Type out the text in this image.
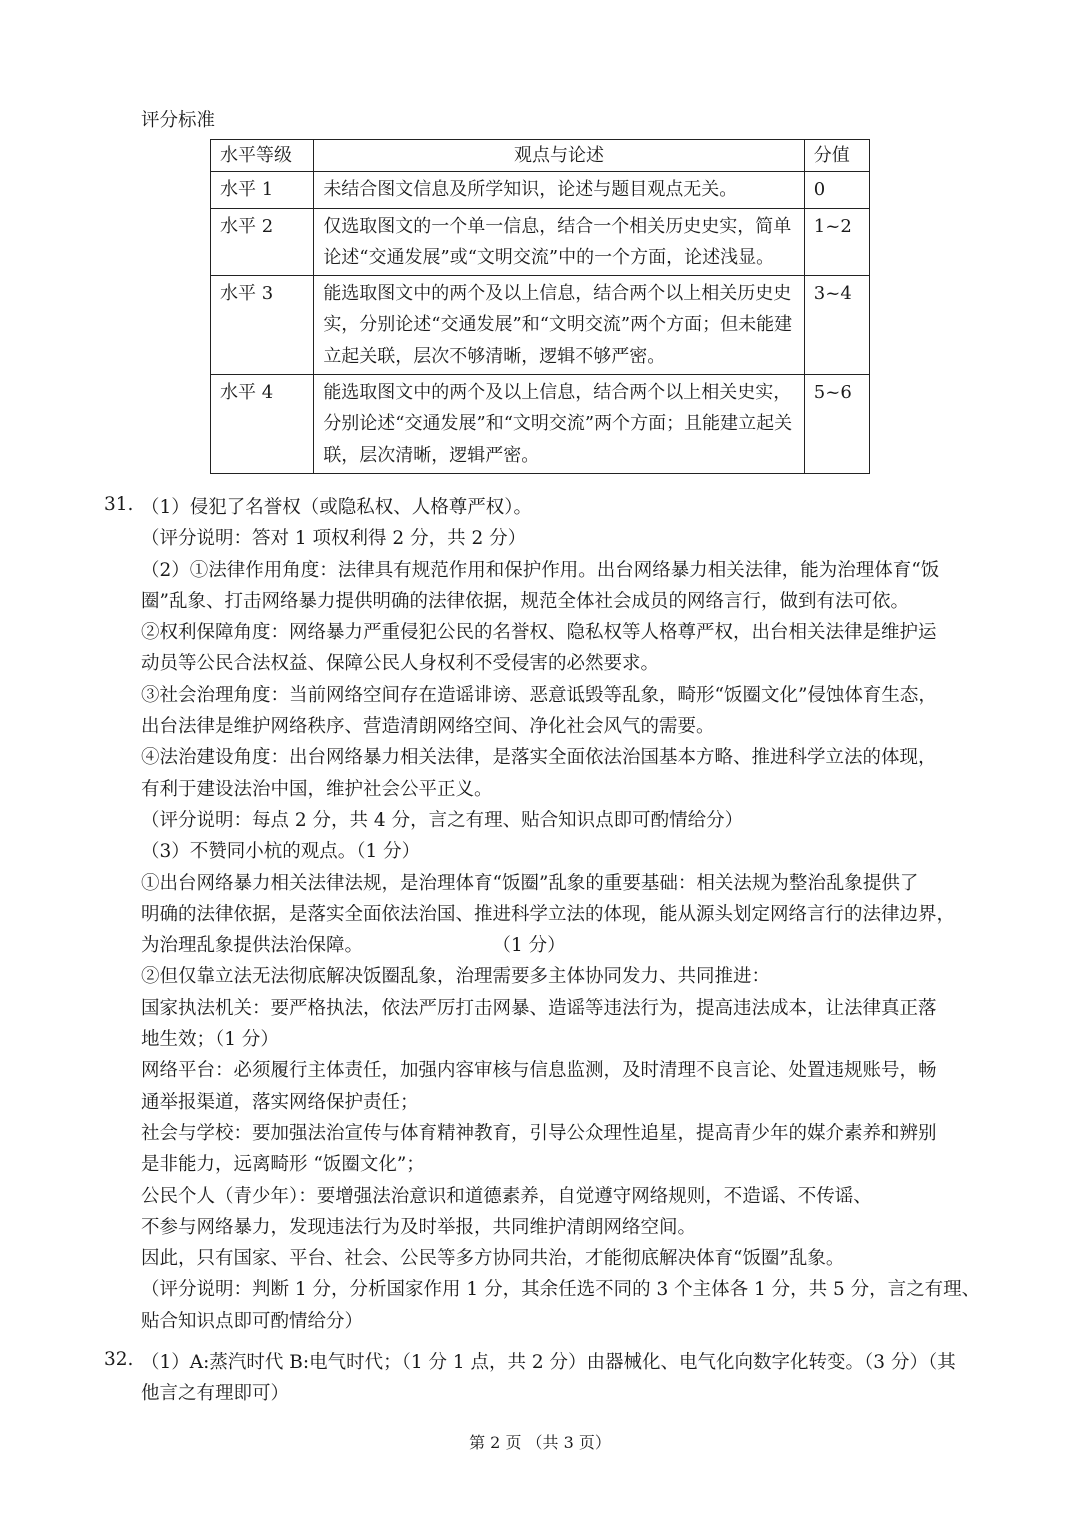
评分标准
水平等级	观点与论述	分值
水平 1	未结合图文信息及所学知识，论述与题目观点无关。	0
水平 2	仅选取图文的一个单一信息，结合一个相关历史史实，简单论述“交通发展”或“文明交流”中的一个方面，论述浅显。	1~2
水平 3	能选取图文中的两个及以上信息，结合两个以上相关历史史实，分别论述“交通发展”和“文明交流”两个方面；但未能建立起关联，层次不够清晰，逻辑不够严密。	3~4
水平 4	能选取图文中的两个及以上信息，结合两个以上相关史实，分别论述“交通发展”和“文明交流”两个方面；且能建立起关联，层次清晰，逻辑严密。	5~6
31. （1）侵犯了名誉权（或隐私权、人格尊严权）。
（评分说明：答对 1 项权利得 2 分，共 2 分）
（2）①法律作用角度：法律具有规范作用和保护作用。出台网络暴力相关法律，能为治理体育“饭
圈”乱象、打击网络暴力提供明确的法律依据，规范全体社会成员的网络言行，做到有法可依。
②权利保障角度：网络暴力严重侵犯公民的名誉权、隐私权等人格尊严权，出台相关法律是维护运
动员等公民合法权益、保障公民人身权利不受侵害的必然要求。
③社会治理角度：当前网络空间存在造谣诽谤、恶意诋毁等乱象，畸形“饭圈文化”侵蚀体育生态，
出台法律是维护网络秩序、营造清朗网络空间、净化社会风气的需要。
④法治建设角度：出台网络暴力相关法律，是落实全面依法治国基本方略、推进科学立法的体现，
有利于建设法治中国，维护社会公平正义。
（评分说明：每点 2 分，共 4 分，言之有理、贴合知识点即可酌情给分）
（3）不赞同小杭的观点。（1 分）
①出台网络暴力相关法律法规，是治理体育“饭圈”乱象的重要基础：相关法规为整治乱象提供了
明确的法律依据，是落实全面依法治国、推进科学立法的体现，能从源头划定网络言行的法律边界，
为治理乱象提供法治保障。　　　　　　　　（1 分）
②但仅靠立法无法彻底解决饭圈乱象，治理需要多主体协同发力、共同推进：
国家执法机关：要严格执法，依法严厉打击网暴、造谣等违法行为，提高违法成本，让法律真正落
地生效；（1 分）
网络平台：必须履行主体责任，加强内容审核与信息监测，及时清理不良言论、处置违规账号，畅
通举报渠道，落实网络保护责任；
社会与学校：要加强法治宣传与体育精神教育，引导公众理性追星，提高青少年的媒介素养和辨别
是非能力，远离畸形 “饭圈文化”；
公民个人（青少年）：要增强法治意识和道德素养，自觉遵守网络规则，不造谣、不传谣、
不参与网络暴力，发现违法行为及时举报，共同维护清朗网络空间。
因此，只有国家、平台、社会、公民等多方协同共治，才能彻底解决体育“饭圈”乱象。
（评分说明：判断 1 分，分析国家作用 1 分，其余任选不同的 3 个主体各 1 分，共 5 分，言之有理、
贴合知识点即可酌情给分）
32. （1）A:蒸汽时代 B:电气时代；（1 分 1 点，共 2 分）由器械化、电气化向数字化转变。（3 分）（其
他言之有理即可）
第 2 页 （共 3 页）
